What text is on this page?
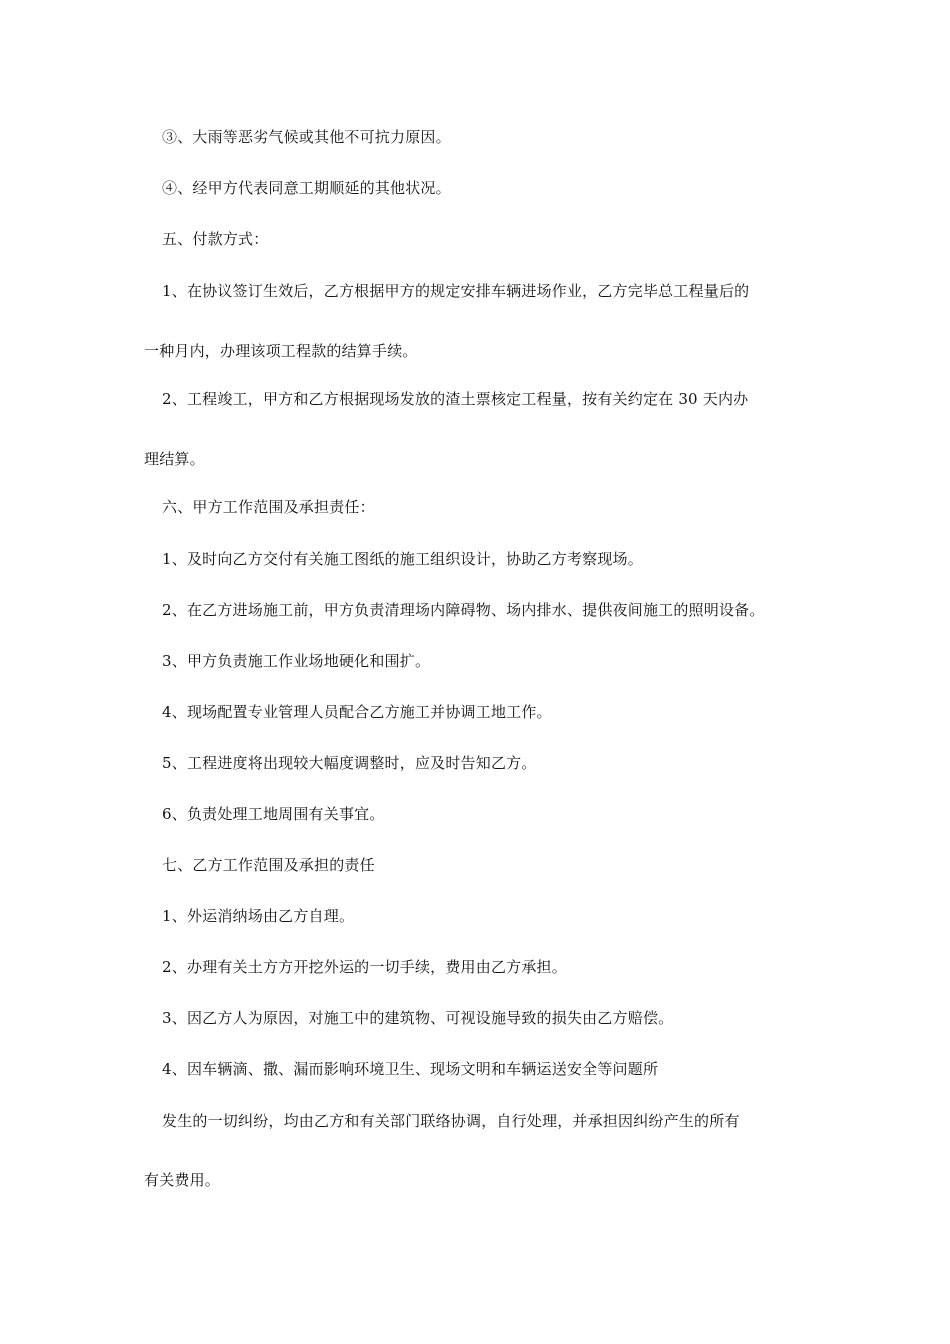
③、大雨等恶劣气候或其他不可抗力原因。
④、经甲方代表同意工期顺延的其他状况。
五、付款方式：
1、在协议签订生效后，乙方根据甲方的规定安排车辆进场作业，乙方完毕总工程量后的
一种月内，办理该项工程款的结算手续。
2、工程竣工，甲方和乙方根据现场发放的渣土票核定工程量，按有关约定在 30 天内办
理结算。
六、甲方工作范围及承担责任：
1、及时向乙方交付有关施工图纸的施工组织设计，协助乙方考察现场。
2、在乙方进场施工前，甲方负责清理场内障碍物、场内排水、提供夜间施工的照明设备。
3、甲方负责施工作业场地硬化和围扩。
4、现场配置专业管理人员配合乙方施工并协调工地工作。
5、工程进度将出现较大幅度调整时，应及时告知乙方。
6、负责处理工地周围有关事宜。
七、乙方工作范围及承担的责任
1、外运消纳场由乙方自理。
2、办理有关土方方开挖外运的一切手续，费用由乙方承担。
3、因乙方人为原因，对施工中的建筑物、可视设施导致的损失由乙方赔偿。
4、因车辆滴、撒、漏而影响环境卫生、现场文明和车辆运送安全等问题所
发生的一切纠纷，均由乙方和有关部门联络协调，自行处理，并承担因纠纷产生的所有
有关费用。
